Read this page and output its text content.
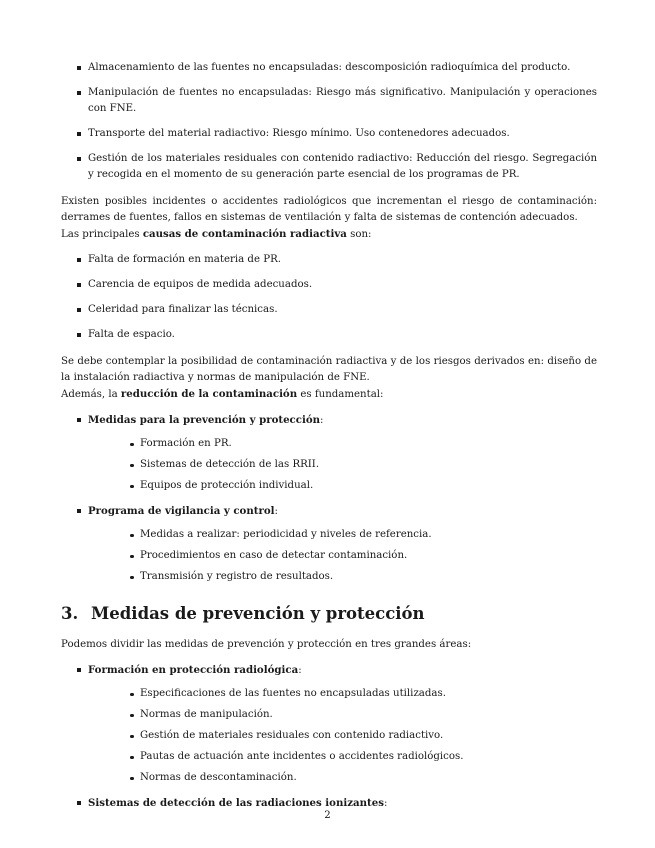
Almacenamiento de las fuentes no encapsuladas: descomposición radioquímica del producto.
Manipulación de fuentes no encapsuladas: Riesgo más significativo. Manipulación y operaciones con FNE.
Transporte del material radiactivo: Riesgo mínimo. Uso contenedores adecuados.
Gestión de los materiales residuales con contenido radiactivo: Reducción del riesgo. Segregación y recogida en el momento de su generación parte esencial de los programas de PR.

Existen posibles incidentes o accidentes radiológicos que incrementan el riesgo de contaminación: derrames de fuentes, fallos en sistemas de ventilación y falta de sistemas de contención adecuados.

Las principales causas de contaminación radiactiva son:

Falta de formación en materia de PR.
Carencia de equipos de medida adecuados.
Celeridad para finalizar las técnicas.
Falta de espacio.

Se debe contemplar la posibilidad de contaminación radiactiva y de los riesgos derivados en: diseño de la instalación radiactiva y normas de manipulación de FNE.

Además, la reducción de la contaminación es fundamental:

Medidas para la prevención y protección:
Formación en PR.
Sistemas de detección de las RRII.
Equipos de protección individual.
Programa de vigilancia y control:
Medidas a realizar: periodicidad y niveles de referencia.
Procedimientos en caso de detectar contaminación.
Transmisión y registro de resultados.
3. Medidas de prevención y protección

Podemos dividir las medidas de prevención y protección en tres grandes áreas:

Formación en protección radiológica:
Especificaciones de las fuentes no encapsuladas utilizadas.
Normas de manipulación.
Gestión de materiales residuales con contenido radiactivo.
Pautas de actuación ante incidentes o accidentes radiológicos.
Normas de descontaminación.
Sistemas de detección de las radiaciones ionizantes:
2
